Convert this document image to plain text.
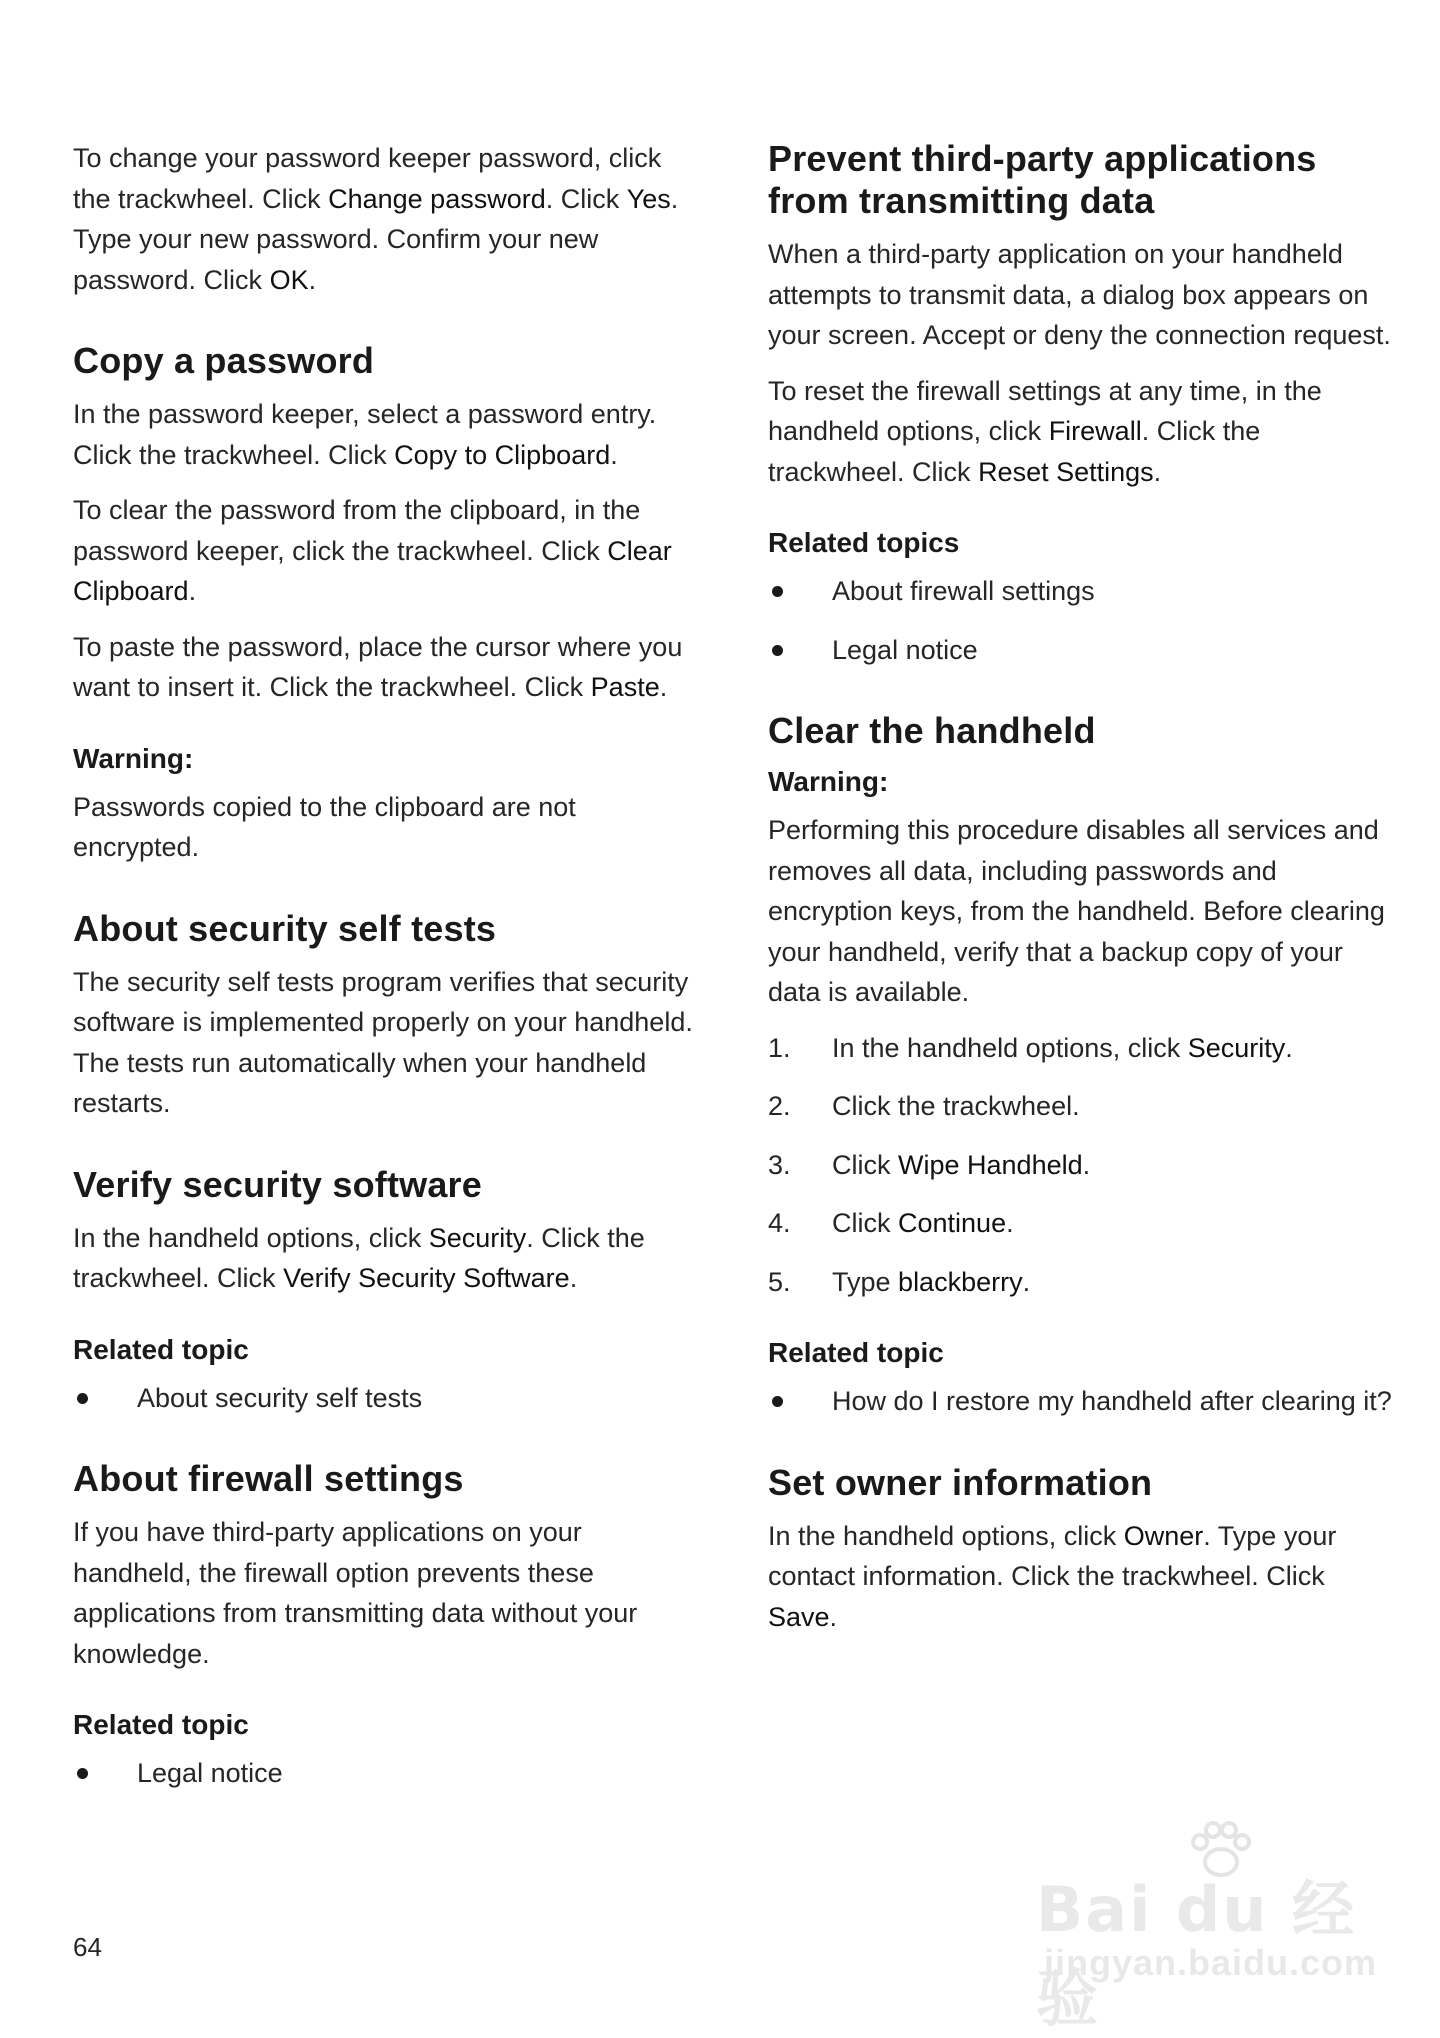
To change your password keeper password, click the trackwheel. Click Change password. Click Yes. Type your new password. Confirm your new password. Click OK.

Copy a password

In the password keeper, select a password entry. Click the trackwheel. Click Copy to Clipboard.

To clear the password from the clipboard, in the password keeper, click the trackwheel. Click Clear Clipboard.

To paste the password, place the cursor where you want to insert it. Click the trackwheel. Click Paste.

Warning:

Passwords copied to the clipboard are not encrypted.

About security self tests

The security self tests program verifies that security software is implemented properly on your handheld. The tests run automatically when your handheld restarts.

Verify security software

In the handheld options, click Security. Click the trackwheel. Click Verify Security Software.

Related topic
About security self tests
About firewall settings

If you have third-party applications on your handheld, the firewall option prevents these applications from transmitting data without your knowledge.

Related topic
Legal notice
Prevent third-party applications from transmitting data

When a third-party application on your handheld attempts to transmit data, a dialog box appears on your screen. Accept or deny the connection request.

To reset the firewall settings at any time, in the handheld options, click Firewall. Click the trackwheel. Click Reset Settings.

Related topics
About firewall settings
Legal notice
Clear the handheld
Warning:

Performing this procedure disables all services and removes all data, including passwords and encryption keys, from the handheld. Before clearing your handheld, verify that a backup copy of your data is available.

1. In the handheld options, click Security.
2. Click the trackwheel.
3. Click Wipe Handheld.
4. Click Continue.
5. Type blackberry.
Related topic
How do I restore my handheld after clearing it?
Set owner information

In the handheld options, click Owner. Type your contact information. Click the trackwheel. Click Save.

64
Bai du 经验
jingyan.baidu.com
